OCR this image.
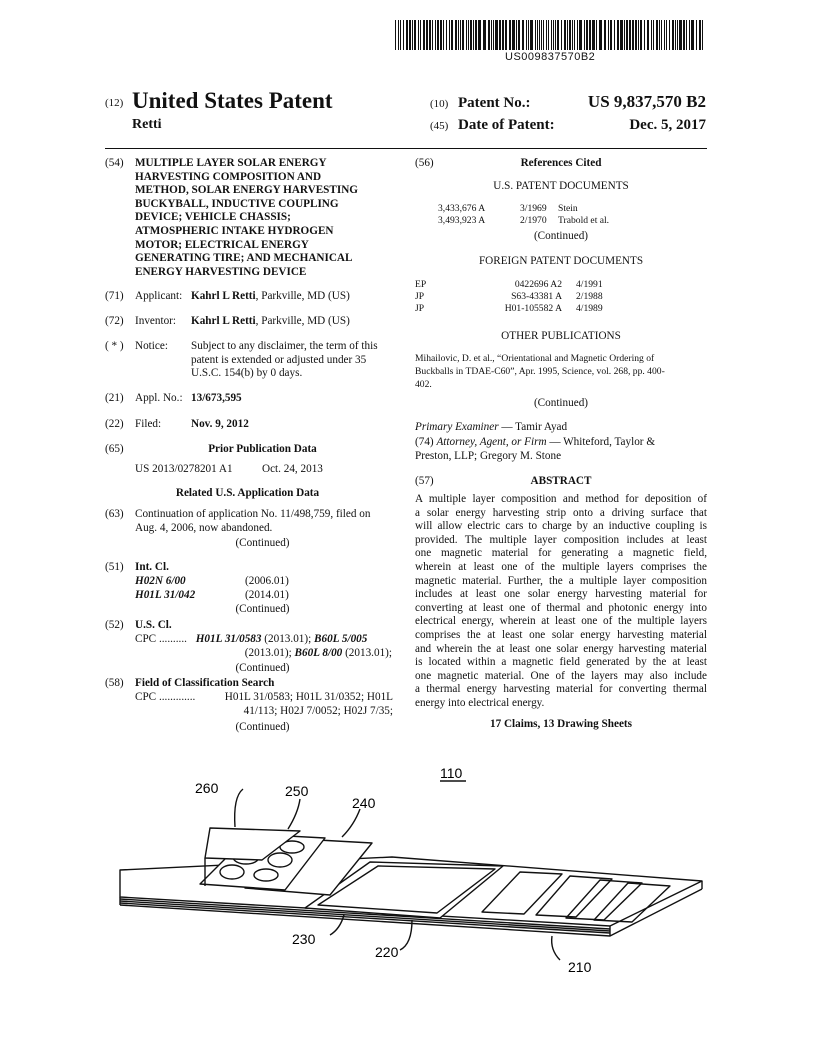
US009837570B2
(12) United States Patent
Retti
(10) Patent No.:	US 9,837,570 B2
(45) Date of Patent:	Dec. 5, 2017
(54) MULTIPLE LAYER SOLAR ENERGY
HARVESTING COMPOSITION AND
METHOD, SOLAR ENERGY HARVESTING
BUCKYBALL, INDUCTIVE COUPLING
DEVICE; VEHICLE CHASSIS;
ATMOSPHERIC INTAKE HYDROGEN
MOTOR; ELECTRICAL ENERGY
GENERATING TIRE; AND MECHANICAL
ENERGY HARVESTING DEVICE
(71) Applicant: Kahrl L Retti, Parkville, MD (US)
(72) Inventor: Kahrl L Retti, Parkville, MD (US)
( * ) Notice: Subject to any disclaimer, the term of this
patent is extended or adjusted under 35
U.S.C. 154(b) by 0 days.
(21) Appl. No.: 13/673,595
(22) Filed:	Nov. 9, 2012
(65)	Prior Publication Data
US 2013/0278201 A1	Oct. 24, 2013
Related U.S. Application Data
(63) Continuation of application No. 11/498,759, filed on
Aug. 4, 2006, now abandoned.
(Continued)
(51) Int. Cl.
H02N 6/00	(2006.01)
H01L 31/042	(2014.01)
(Continued)
(52) U.S. Cl.
CPC .......... H01L 31/0583 (2013.01); B60L 5/005
(2013.01); B60L 8/00 (2013.01);
(Continued)
(58) Field of Classification Search
CPC .............	H01L 31/0583; H01L 31/0352; H01L
41/113; H02J 7/0052; H02J 7/35;
(Continued)
(56)	References Cited
U.S. PATENT DOCUMENTS
3,433,676 A	3/1969 Stein
3,493,923 A	2/1970 Trabold et al.
(Continued)
FOREIGN PATENT DOCUMENTS
EP	0422696 A2 4/1991
JP	S63-43381 A 2/1988
JP	H01-105582 A 4/1989
OTHER PUBLICATIONS
Mihailovic, D. et al., “Orientational and Magnetic Ordering of
Buckballs in TDAE-C60”, Apr. 1995, Science, vol. 268, pp. 400-
402.
(Continued)
Primary Examiner — Tamir Ayad
(74) Attorney, Agent, or Firm — Whiteford, Taylor &
Preston, LLP; Gregory M. Stone
(57)	ABSTRACT
A multiple layer composition and method for deposition of
a solar energy harvesting strip onto a driving surface that
will allow electric cars to charge by an inductive coupling is
provided. The multiple layer composition includes at least
one magnetic material for generating a magnetic field,
wherein at least one of the multiple layers comprises the
magnetic material. Further, the a multiple layer composition
includes at least one solar energy harvesting material for
converting at least one of thermal and photonic energy into
electrical energy, wherein at least one of the multiple layers
comprises the at least one solar energy harvesting material
and wherein the at least one solar energy harvesting material
is located within a magnetic field generated by the at least
one magnetic material. One of the layers may also include
a thermal energy harvesting material for converting thermal
energy into electrical energy.
17 Claims, 13 Drawing Sheets
110
260	250
240
230
220
210
